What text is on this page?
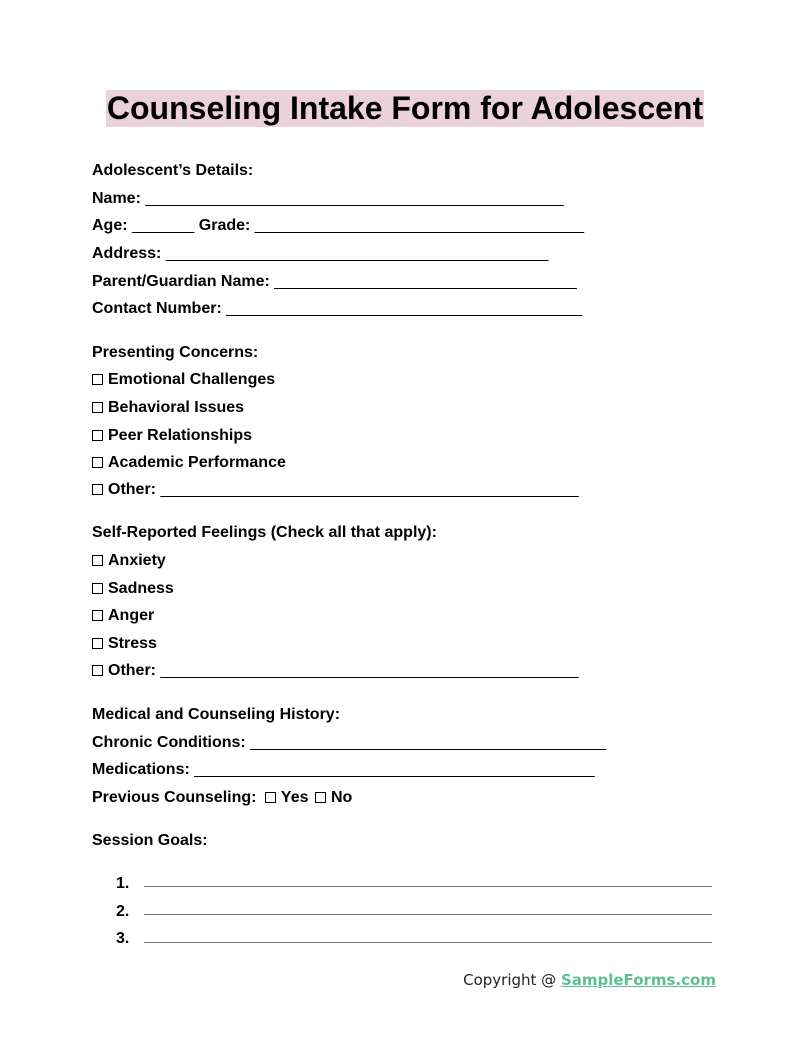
Counseling Intake Form for Adolescent
Adolescent’s Details:
Name: _______________________________________________
Age: _______ Grade: _____________________________________
Address: ___________________________________________
Parent/Guardian Name: __________________________________
Contact Number: ________________________________________
Presenting Concerns:
Emotional Challenges
Behavioral Issues
Peer Relationships
Academic Performance
Other: _______________________________________________
Self-Reported Feelings (Check all that apply):
Anxiety
Sadness
Anger
Stress
Other: _______________________________________________
Medical and Counseling History:
Chronic Conditions: ________________________________________
Medications: _____________________________________________
Previous Counseling: Yes No
Session Goals:
1.
2.
3.
Copyright @ SampleForms.com
